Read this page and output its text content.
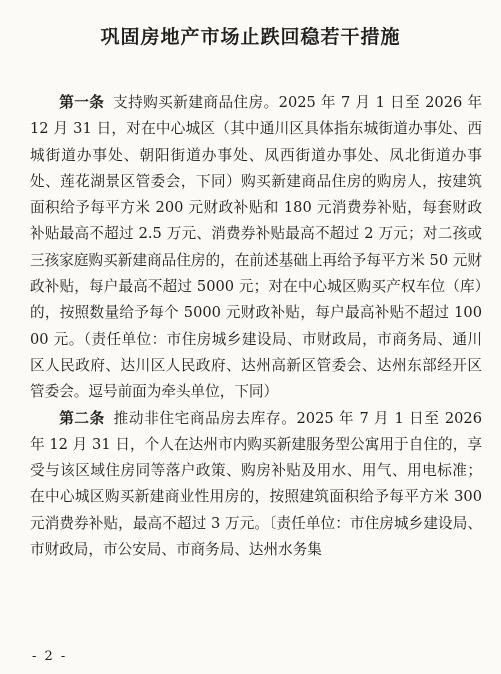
巩固房地产市场止跌回稳若干措施

第一条 支持购买新建商品住房。2025 年 7 月 1 日至 2026 年 12 月 31 日，对在中心城区（其中通川区具体指东城街道办事处、西城街道办事处、朝阳街道办事处、凤西街道办事处、凤北街道办事处、莲花湖景区管委会，下同）购买新建商品住房的购房人，按建筑面积给予每平方米 200 元财政补贴和 180 元消费券补贴，每套财政补贴最高不超过 2.5 万元、消费券补贴最高不超过 2 万元；对二孩或三孩家庭购买新建商品住房的，在前述基础上再给予每平方米 50 元财政补贴，每户最高不超过 5000 元；对在中心城区购买产权车位（库）的，按照数量给予每个 5000 元财政补贴，每户最高补贴不超过 10000 元。（责任单位：市住房城乡建设局、市财政局，市商务局、通川区人民政府、达川区人民政府、达州高新区管委会、达州东部经开区管委会。逗号前面为牵头单位，下同）

第二条 推动非住宅商品房去库存。2025 年 7 月 1 日至 2026 年 12 月 31 日，个人在达州市内购买新建服务型公寓用于自住的，享受与该区域住房同等落户政策、购房补贴及用水、用气、用电标准；在中心城区购买新建商业性用房的，按照建筑面积给予每平方米 300 元消费券补贴，最高不超过 3 万元。〔责任单位：市住房城乡建设局、市财政局，市公安局、市商务局、达州水务集

- 2 -
